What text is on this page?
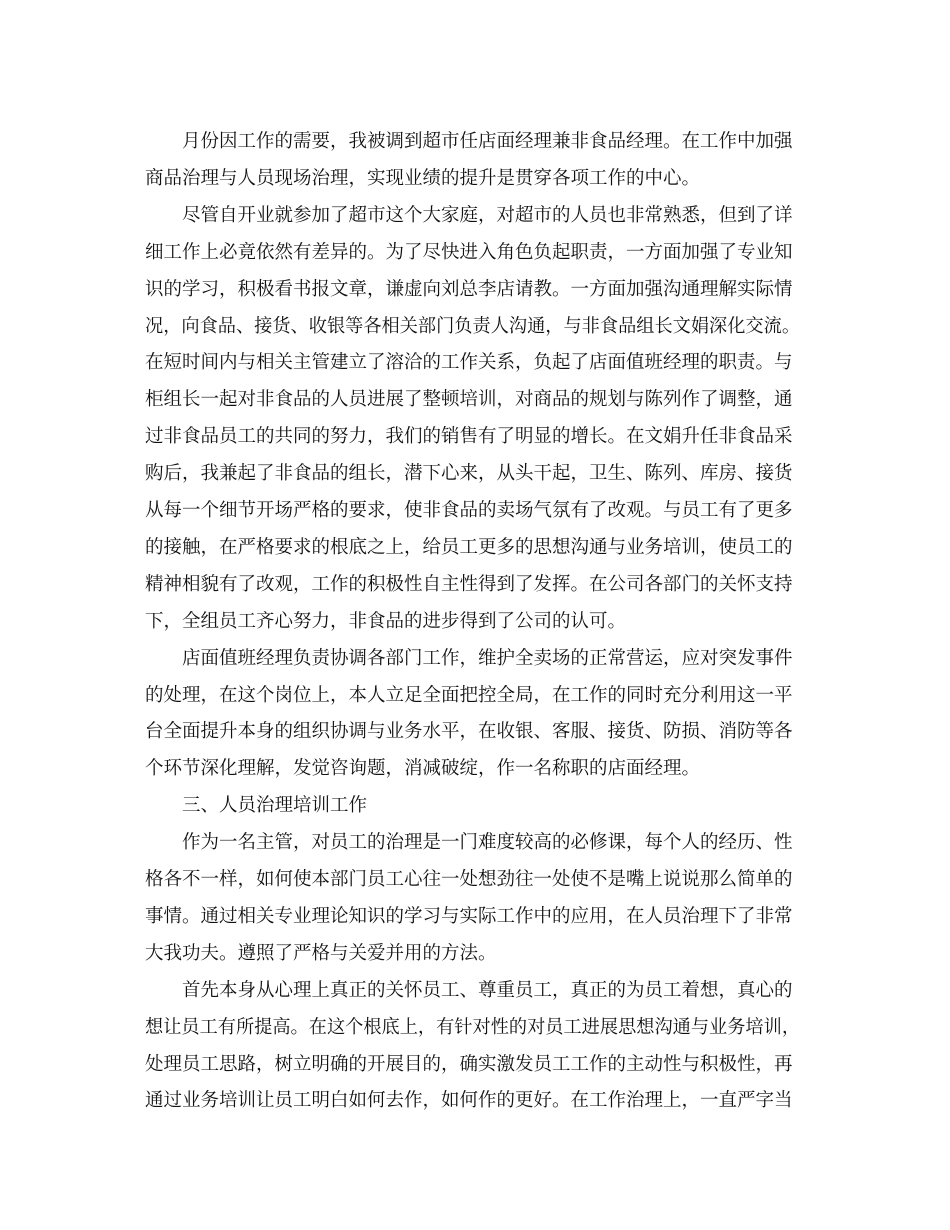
月份因工作的需要，我被调到超市任店面经理兼非食品经理。在工作中加强
商品治理与人员现场治理，实现业绩的提升是贯穿各项工作的中心。
尽管自开业就参加了超市这个大家庭，对超市的人员也非常熟悉，但到了详
细工作上必竟依然有差异的。为了尽快进入角色负起职责，一方面加强了专业知
识的学习，积极看书报文章，谦虚向刘总李店请教。一方面加强沟通理解实际情
况，向食品、接货、收银等各相关部门负责人沟通，与非食品组长文娟深化交流。
在短时间内与相关主管建立了溶洽的工作关系，负起了店面值班经理的职责。与
柜组长一起对非食品的人员进展了整顿培训，对商品的规划与陈列作了调整，通
过非食品员工的共同的努力，我们的销售有了明显的增长。在文娟升任非食品采
购后，我兼起了非食品的组长，潜下心来，从头干起，卫生、陈列、库房、接货
从每一个细节开场严格的要求，使非食品的卖场气氛有了改观。与员工有了更多
的接触，在严格要求的根底之上，给员工更多的思想沟通与业务培训，使员工的
精神相貌有了改观，工作的积极性自主性得到了发挥。在公司各部门的关怀支持
下，全组员工齐心努力，非食品的进步得到了公司的认可。
店面值班经理负责协调各部门工作，维护全卖场的正常营运，应对突发事件
的处理，在这个岗位上，本人立足全面把控全局，在工作的同时充分利用这一平
台全面提升本身的组织协调与业务水平，在收银、客服、接货、防损、消防等各
个环节深化理解，发觉咨询题，消减破绽，作一名称职的店面经理。
三、人员治理培训工作
作为一名主管，对员工的治理是一门难度较高的必修课，每个人的经历、性
格各不一样，如何使本部门员工心往一处想劲往一处使不是嘴上说说那么简单的
事情。通过相关专业理论知识的学习与实际工作中的应用，在人员治理下了非常
大我功夫。遵照了严格与关爱并用的方法。
首先本身从心理上真正的关怀员工、尊重员工，真正的为员工着想，真心的
想让员工有所提高。在这个根底上，有针对性的对员工进展思想沟通与业务培训，
处理员工思路，树立明确的开展目的，确实激发员工工作的主动性与积极性，再
通过业务培训让员工明白如何去作，如何作的更好。在工作治理上，一直严字当
